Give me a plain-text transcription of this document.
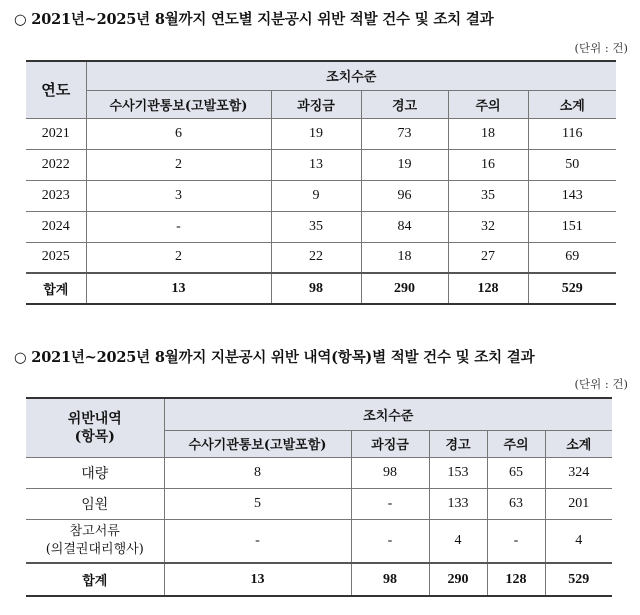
○ 2021년~2025년 8월까지 연도별 지분공시 위반 적발 건수 및 조치 결과
(단위 : 건)
연도	조치수준				
	수사기관통보(고발포함)	과징금	경고	주의	소계
2021	6	19	73	18	116
2022	2	13	19	16	50
2023	3	9	96	35	143
2024	-	35	84	32	151
2025	2	22	18	27	69
합계	13	98	290	128	529
○ 2021년~2025년 8월까지 지분공시 위반 내역(항목)별 적발 건수 및 조치 결과
(단위 : 건)
위반내역
(항목)	조치수준				
	수사기관통보(고발포함)	과징금	경고	주의	소계
대량	8	98	153	65	324
임원	5	-	133	63	201
참고서류
(의결권대리행사)	-	-	4	-	4
합계	13	98	290	128	529
